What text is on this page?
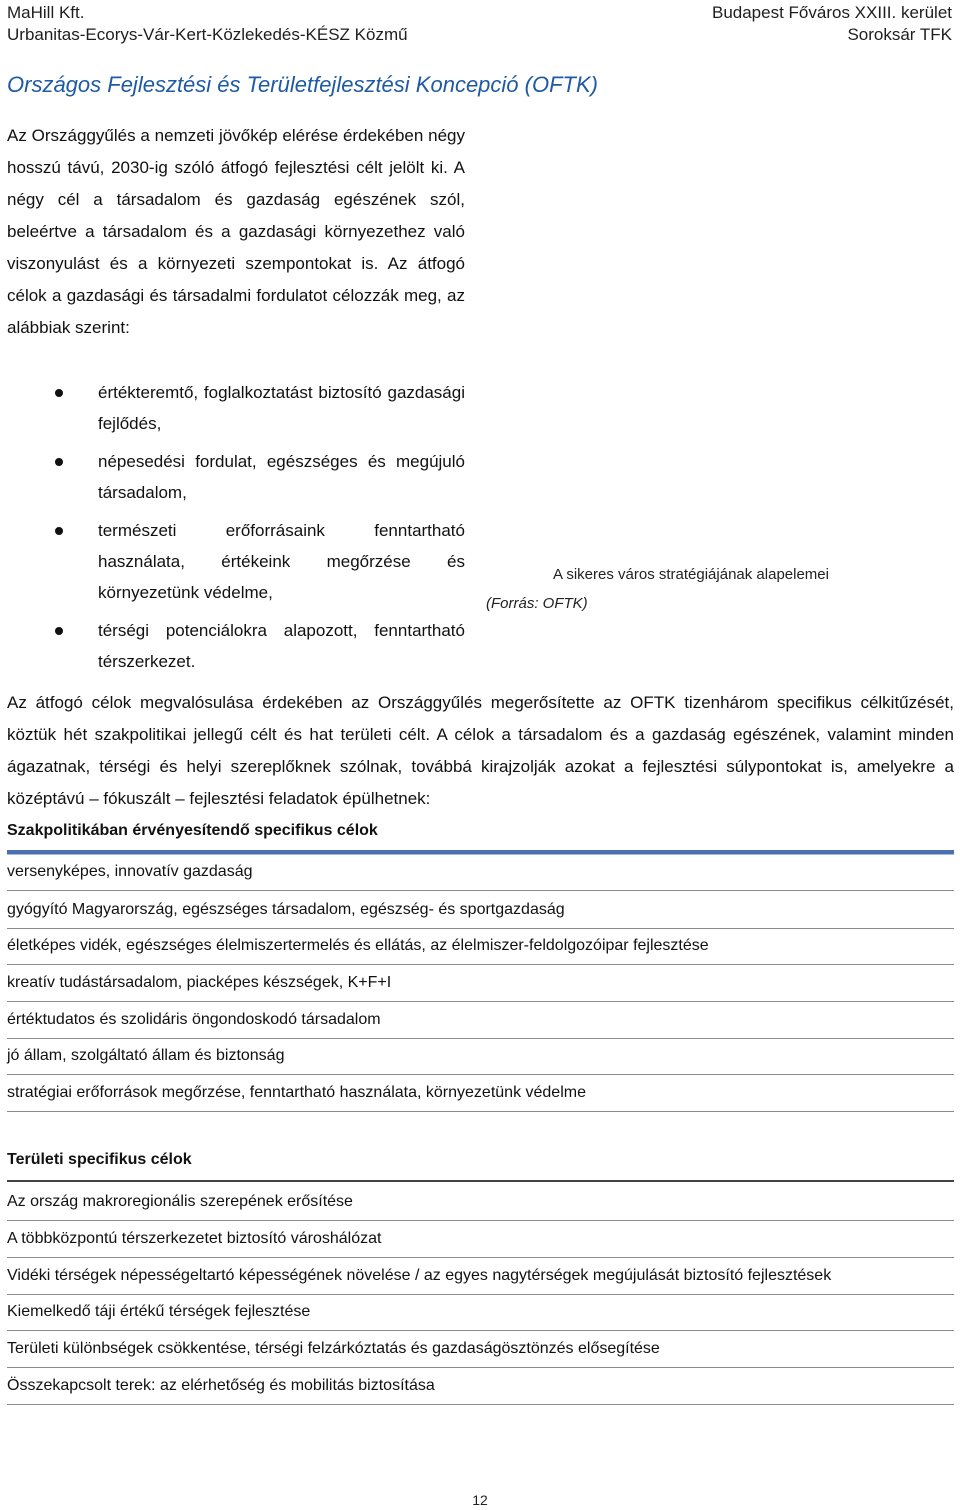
MaHill Kft.
Urbanitas-Ecorys-Vár-Kert-Közlekedés-KÉSZ Közmű
Budapest Főváros XXIII. kerület
Soroksár TFK
Országos Fejlesztési és Területfejlesztési Koncepció (OFTK)
Az Országgyűlés a nemzeti jövőkép elérése érdekében négy hosszú távú, 2030-ig szóló átfogó fejlesztési célt jelölt ki. A négy cél a társadalom és gazdaság egészének szól, beleértve a társadalom és a gazdasági környezethez való viszonyulást és a környezeti szempontokat is. Az átfogó célok a gazdasági és társadalmi fordulatot célozzák meg, az alábbiak szerint:
értékteremtő, foglalkoztatást biztosító gazdasági fejlődés,
népesedési fordulat, egészséges és megújuló társadalom,
természeti erőforrásaink fenntartható használata, értékeink megőrzése és környezetünk védelme,
térségi potenciálokra alapozott, fenntartható térszerkezet.
A sikeres város stratégiájának alapelemei
(Forrás: OFTK)
Az átfogó célok megvalósulása érdekében az Országgyűlés megerősítette az OFTK tizenhárom specifikus célkitűzését, köztük hét szakpolitikai jellegű célt és hat területi célt. A célok a társadalom és a gazdaság egészének, valamint minden ágazatnak, térségi és helyi szereplőknek szólnak, továbbá kirajzolják azokat a fejlesztési súlypontokat is, amelyekre a középtávú – fókuszált – fejlesztési feladatok épülhetnek:
Szakpolitikában érvényesítendő specifikus célok
versenyképes, innovatív gazdaság
gyógyító Magyarország, egészséges társadalom, egészség- és sportgazdaság
életképes vidék, egészséges élelmiszertermelés és ellátás, az élelmiszer-feldolgozóipar fejlesztése
kreatív tudástársadalom, piacképes készségek, K+F+I
értéktudatos és szolidáris öngondoskodó társadalom
jó állam, szolgáltató állam és biztonság
stratégiai erőforrások megőrzése, fenntartható használata, környezetünk védelme
Területi specifikus célok
Az ország makroregionális szerepének erősítése
A többközpontú térszerkezetet biztosító városhálózat
Vidéki térségek népességeltartó képességének növelése / az egyes nagytérségek megújulását biztosító fejlesztések
Kiemelkedő táji értékű térségek fejlesztése
Területi különbségek csökkentése, térségi felzárkóztatás és gazdaságösztönzés elősegítése
Összekapcsolt terek: az elérhetőség és mobilitás biztosítása
12
